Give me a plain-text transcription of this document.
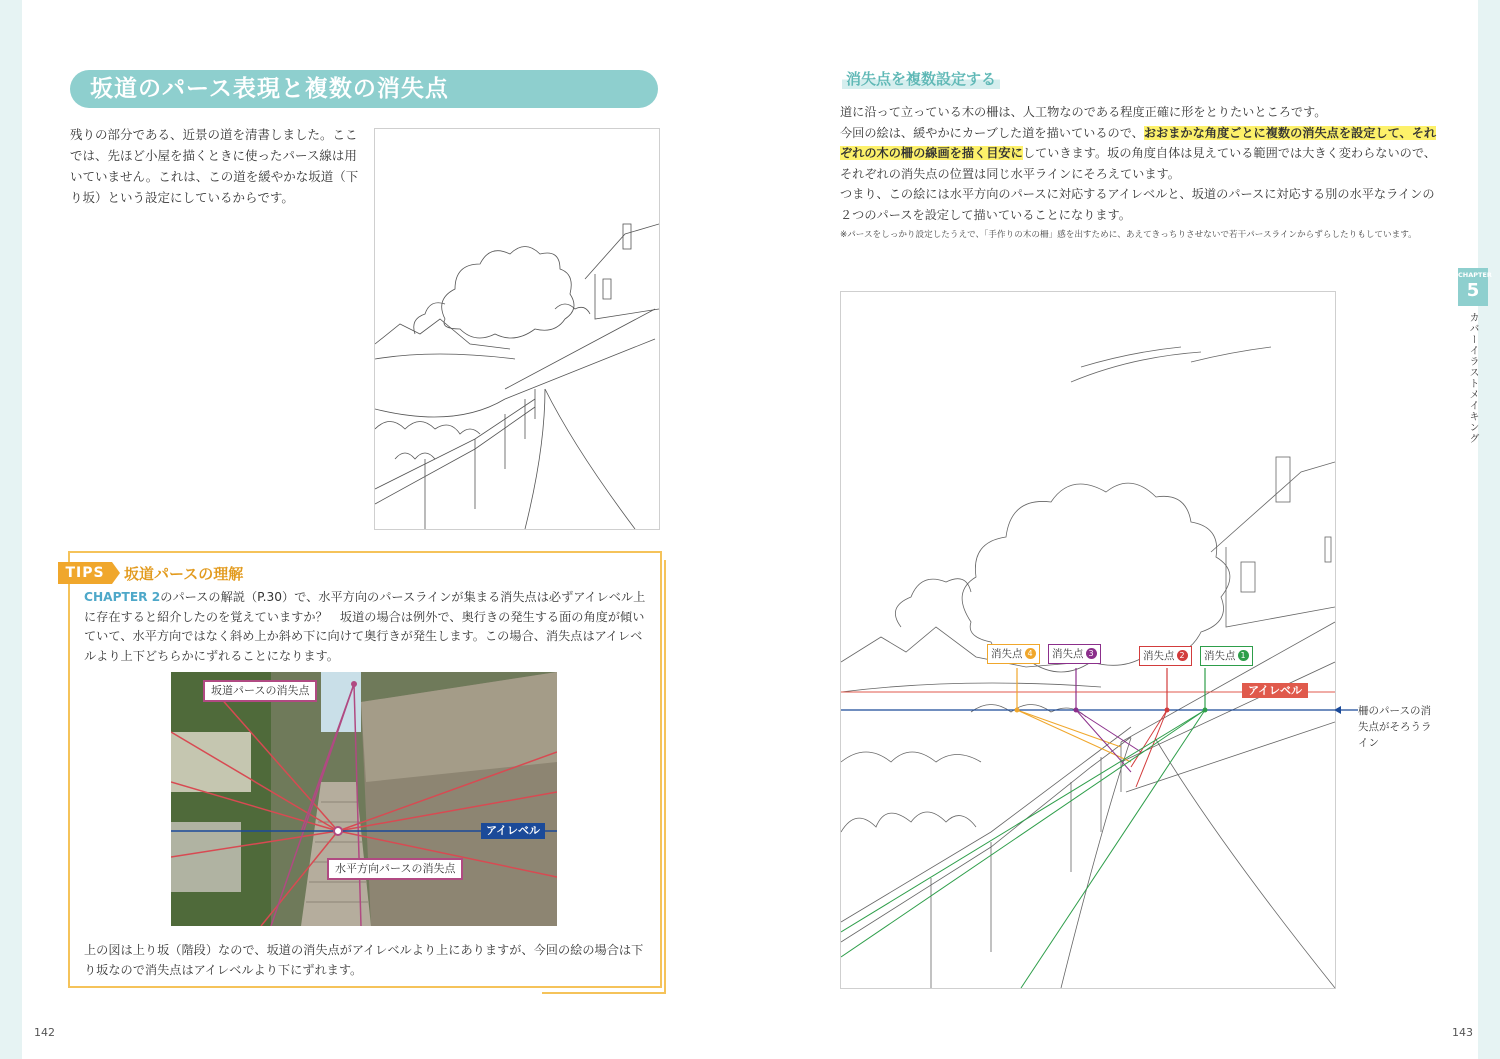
坂道のパース表現と複数の消失点
残りの部分である、近景の道を清書しました。ここでは、先ほど小屋を描くときに使ったパース線は用いていません。これは、この道を緩やかな坂道（下り坂）という設定にしているからです。
TIPS	坂道パースの理解
CHAPTER 2のパースの解説（P.30）で、水平方向のパースラインが集まる消失点は必ずアイレベル上に存在すると紹介したのを覚えていますか？　坂道の場合は例外で、奥行きの発生する面の角度が傾いていて、水平方向ではなく斜め上か斜め下に向けて奥行きが発生します。この場合、消失点はアイレベルより上下どちらかにずれることになります。
坂道パースの消失点
水平方向パースの消失点
アイレベル
上の図は上り坂（階段）なので、坂道の消失点がアイレベルより上にありますが、今回の絵の場合は下り坂なので消失点はアイレベルより下にずれます。
142
消失点を複数設定する
道に沿って立っている木の柵は、人工物なのである程度正確に形をとりたいところです。
今回の絵は、緩やかにカーブした道を描いているので、おおまかな角度ごとに複数の消失点を設定して、それぞれの木の柵の線画を描く目安にしていきます。坂の角度自体は見えている範囲では大きく変わらないので、それぞれの消失点の位置は同じ水平ラインにそろえています。
つまり、この絵には水平方向のパースに対応するアイレベルと、坂道のパースに対応する別の水平なラインの２つのパースを設定して描いていることになります。
※パースをしっかり設定したうえで、「手作りの木の柵」感を出すために、あえてきっちりさせないで若干パースラインからずらしたりもしています。
CHAPTER
5
カバーイラストメイキング
消失点 4	消失点 3	消失点 2	消失点 1
アイレベル
柵のパースの消失点がそろうライン
143
